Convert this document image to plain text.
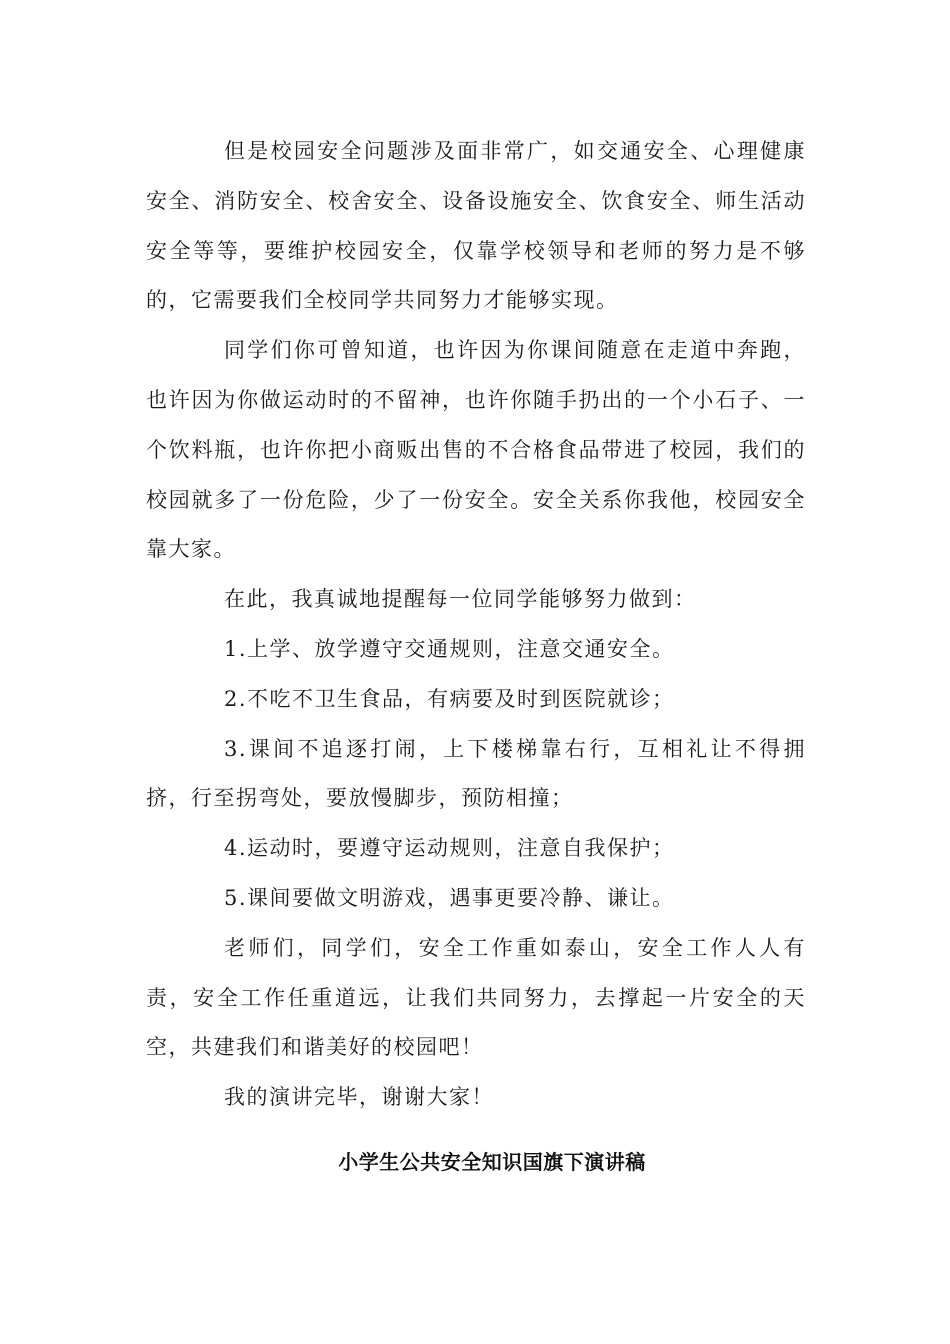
但是校园安全问题涉及面非常广，如交通安全、心理健康安全、消防安全、校舍安全、设备设施安全、饮食安全、师生活动安全等等，要维护校园安全，仅靠学校领导和老师的努力是不够的，它需要我们全校同学共同努力才能够实现。

同学们你可曾知道，也许因为你课间随意在走道中奔跑，也许因为你做运动时的不留神，也许你随手扔出的一个小石子、一个饮料瓶，也许你把小商贩出售的不合格食品带进了校园，我们的校园就多了一份危险，少了一份安全。安全关系你我他，校园安全靠大家。

在此，我真诚地提醒每一位同学能够努力做到：

1.上学、放学遵守交通规则，注意交通安全。

2.不吃不卫生食品，有病要及时到医院就诊；

3.课间不追逐打闹，上下楼梯靠右行，互相礼让不得拥挤，行至拐弯处，要放慢脚步，预防相撞；

4.运动时，要遵守运动规则，注意自我保护；

5.课间要做文明游戏，遇事更要冷静、谦让。

老师们，同学们，安全工作重如泰山，安全工作人人有责，安全工作任重道远，让我们共同努力，去撑起一片安全的天空，共建我们和谐美好的校园吧！

我的演讲完毕，谢谢大家！

小学生公共安全知识国旗下演讲稿
